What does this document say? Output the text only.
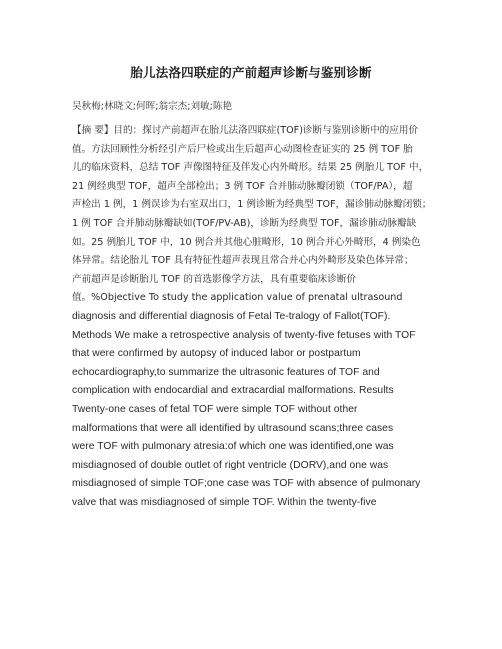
胎儿法洛四联症的产前超声诊断与鉴别诊断
吴秋梅;林晓文;何晖;翁宗杰;刘敏;陈艳
【摘 要】目的：探讨产前超声在胎儿法洛四联症(TOF)诊断与鉴别诊断中的应用价
值。方法回顾性分析经引产后尸检或出生后超声心动图检查证实的 25 例 TOF 胎
儿的临床资料，总结 TOF 声像图特征及伴发心内外畸形。结果 25 例胎儿 TOF 中，
21 例经典型 TOF，超声全部检出；3 例 TOF 合并肺动脉瓣闭锁（TOF/PA），超
声检出 1 例，1 例误诊为右室双出口，1 例诊断为经典型 TOF，漏诊肺动脉瓣闭锁；
1 例 TOF 合并肺动脉瓣缺如(TOF/PV-AB)，诊断为经典型 TOF，漏诊肺动脉瓣缺
如。25 例胎儿 TOF 中，10 例合并其他心脏畸形，10 例合并心外畸形，4 例染色
体异常。结论胎儿 TOF 具有特征性超声表现且常合并心内外畸形及染色体异常；
产前超声是诊断胎儿 TOF 的首选影像学方法，具有重要临床诊断价
值。%Objective To study the application value of prenatal ultrasound
diagnosis and differential diagnosis of Fetal Te-tralogy of Fallot(TOF).
Methods We make a retrospective analysis of twenty-five fetuses with TOF
that were confirmed by autopsy of induced labor or postpartum
echocardiography,to summarize the ultrasonic features of TOF and
complication with endocardial and extracardial malformations. Results
Twenty-one cases of fetal TOF were simple TOF without other
malformations that were all identified by ultrasound scans;three cases
were TOF with pulmonary atresia:of which one was identified,one was
misdiagnosed of double outlet of right ventricle (DORV),and one was
misdiagnosed of simple TOF;one case was TOF with absence of pulmonary
valve that was misdiagnosed of simple TOF. Within the twenty-five
